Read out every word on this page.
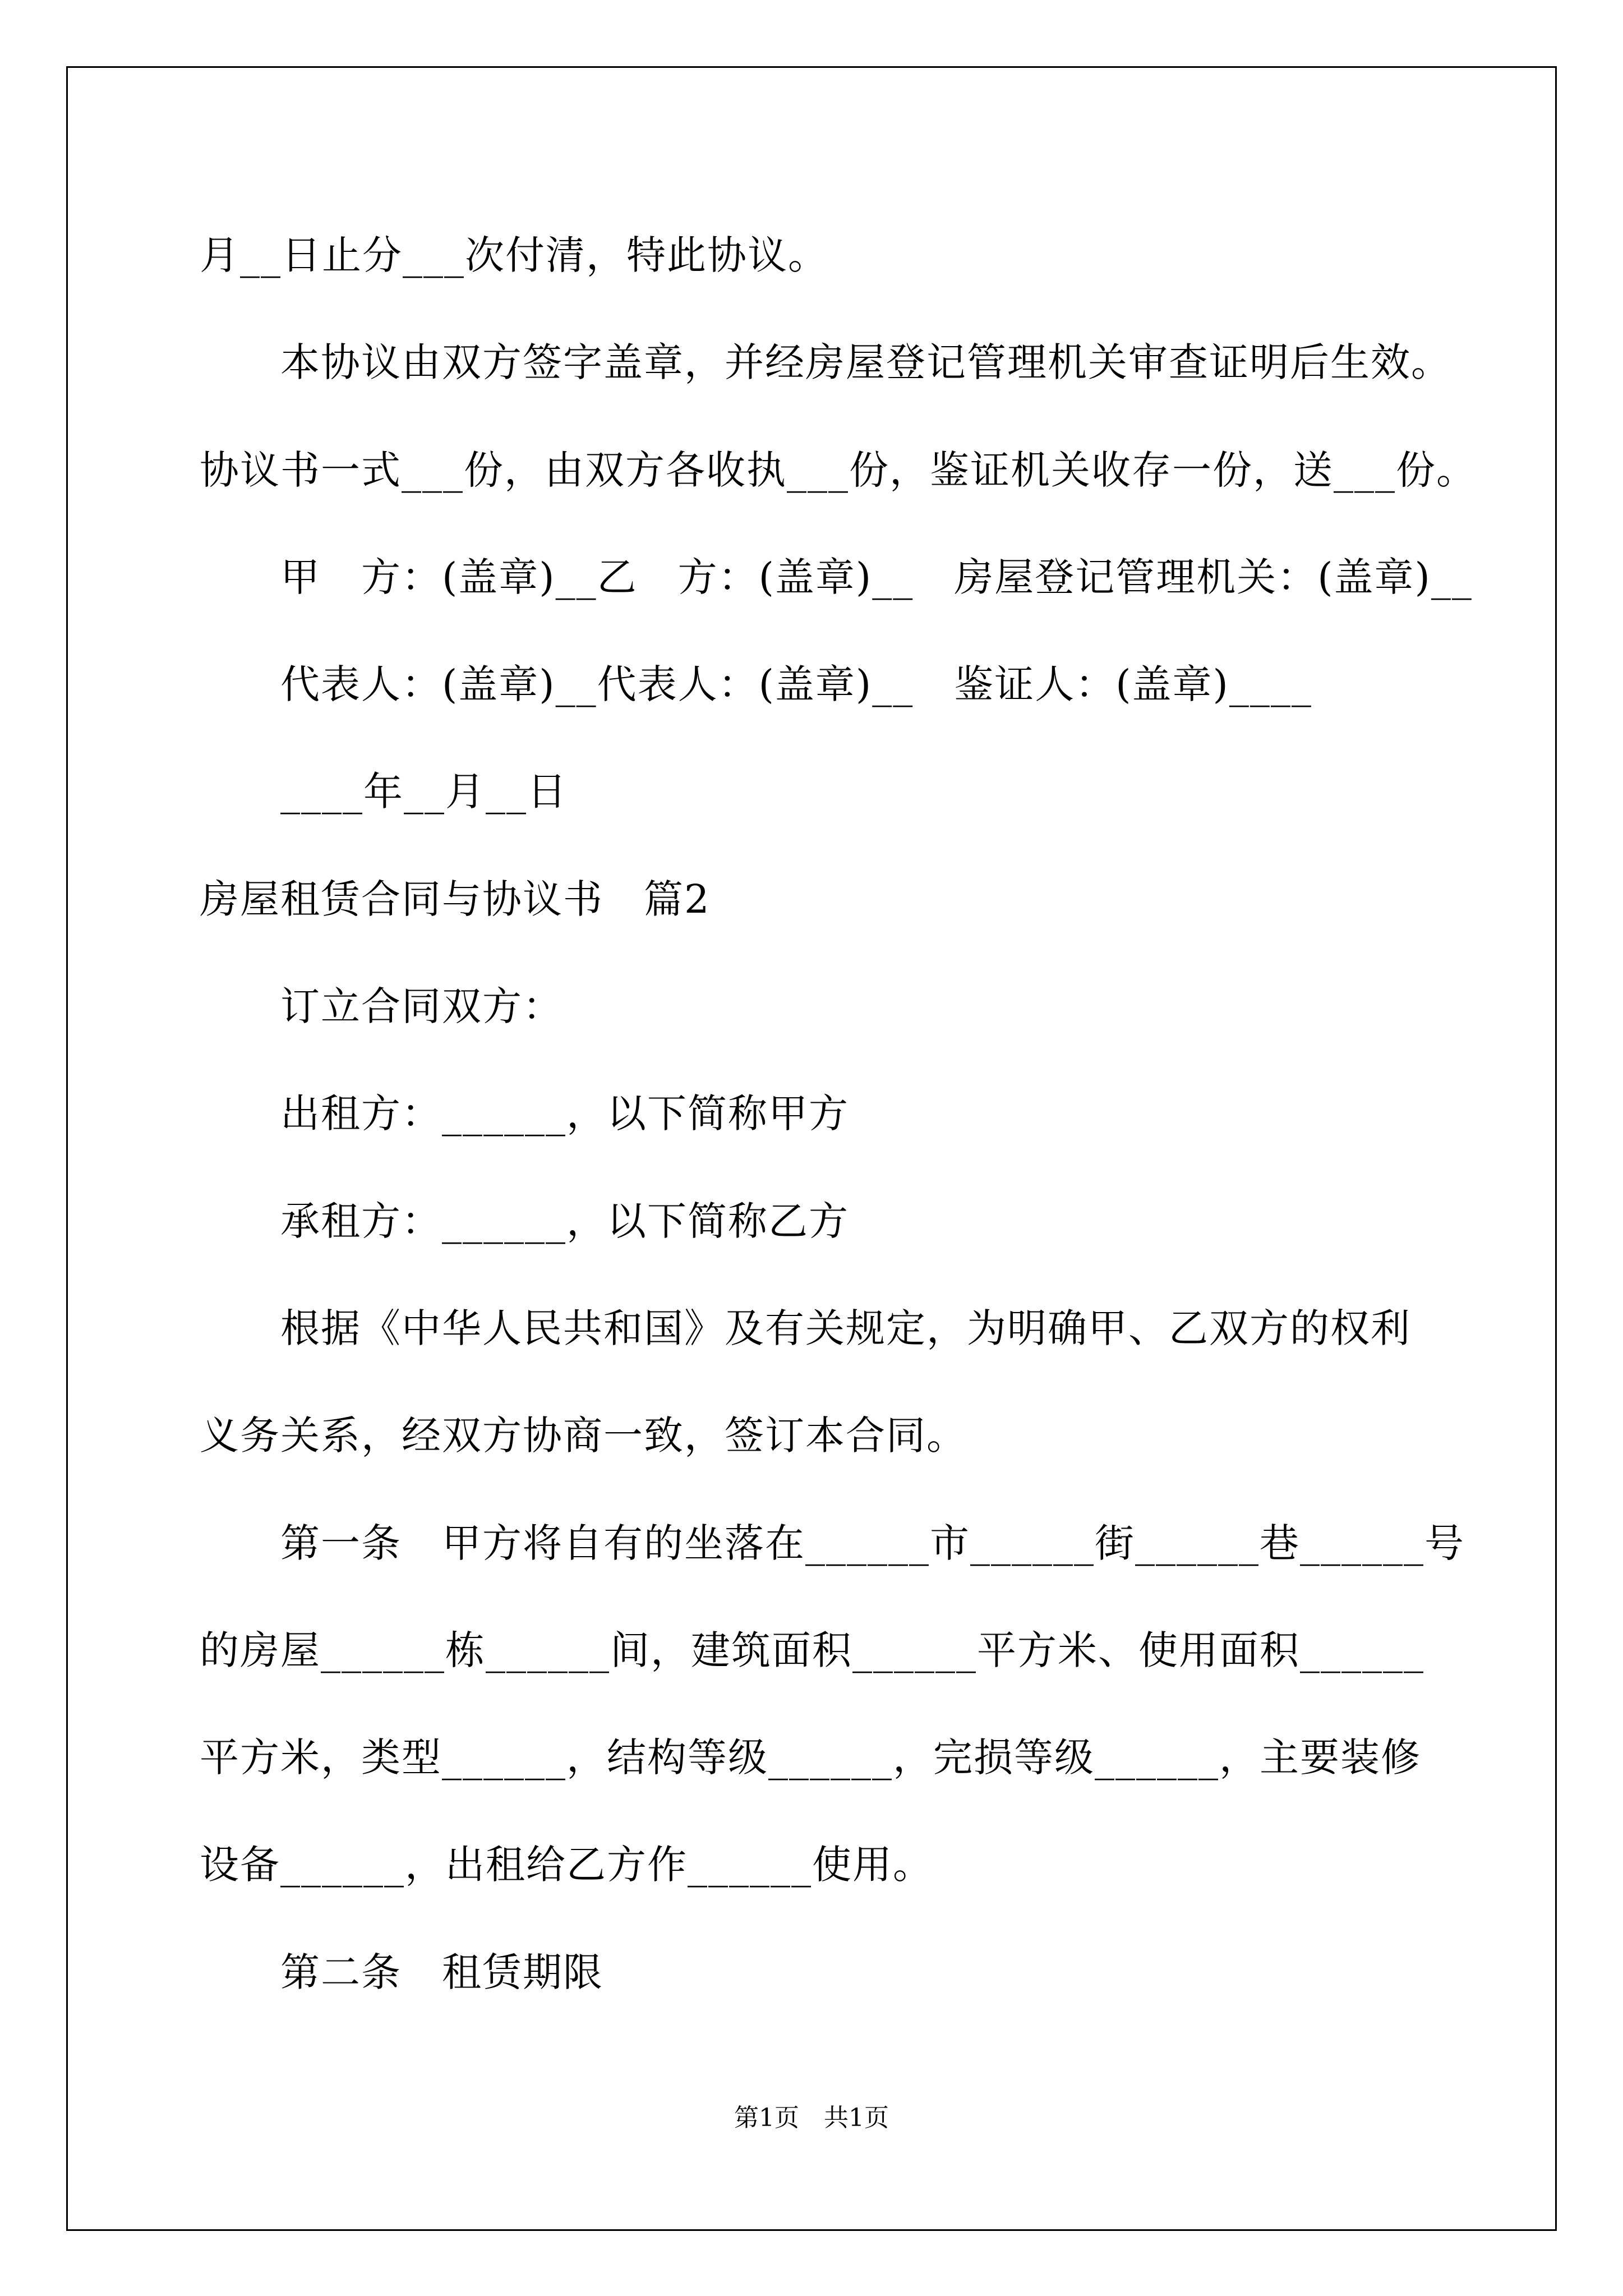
月__日止分___次付清，特此协议。

本协议由双方签字盖章，并经房屋登记管理机关审查证明后生效。

协议书一式___份，由双方各收执___份，鉴证机关收存一份，送___份。

甲　方：(盖章)__乙　方：(盖章)__　房屋登记管理机关：(盖章)__

代表人：(盖章)__代表人：(盖章)__　鉴证人：(盖章)____

____年__月__日

房屋租赁合同与协议书　篇2

订立合同双方：

出租方：______，以下简称甲方

承租方：______，以下简称乙方

根据《中华人民共和国》及有关规定，为明确甲、乙双方的权利

义务关系，经双方协商一致，签订本合同。

第一条　甲方将自有的坐落在______市______街______巷______号

的房屋______栋______间，建筑面积______平方米、使用面积______

平方米，类型______，结构等级______，完损等级______，主要装修

设备______，出租给乙方作______使用。

第二条　租赁期限

第1页　共1页
